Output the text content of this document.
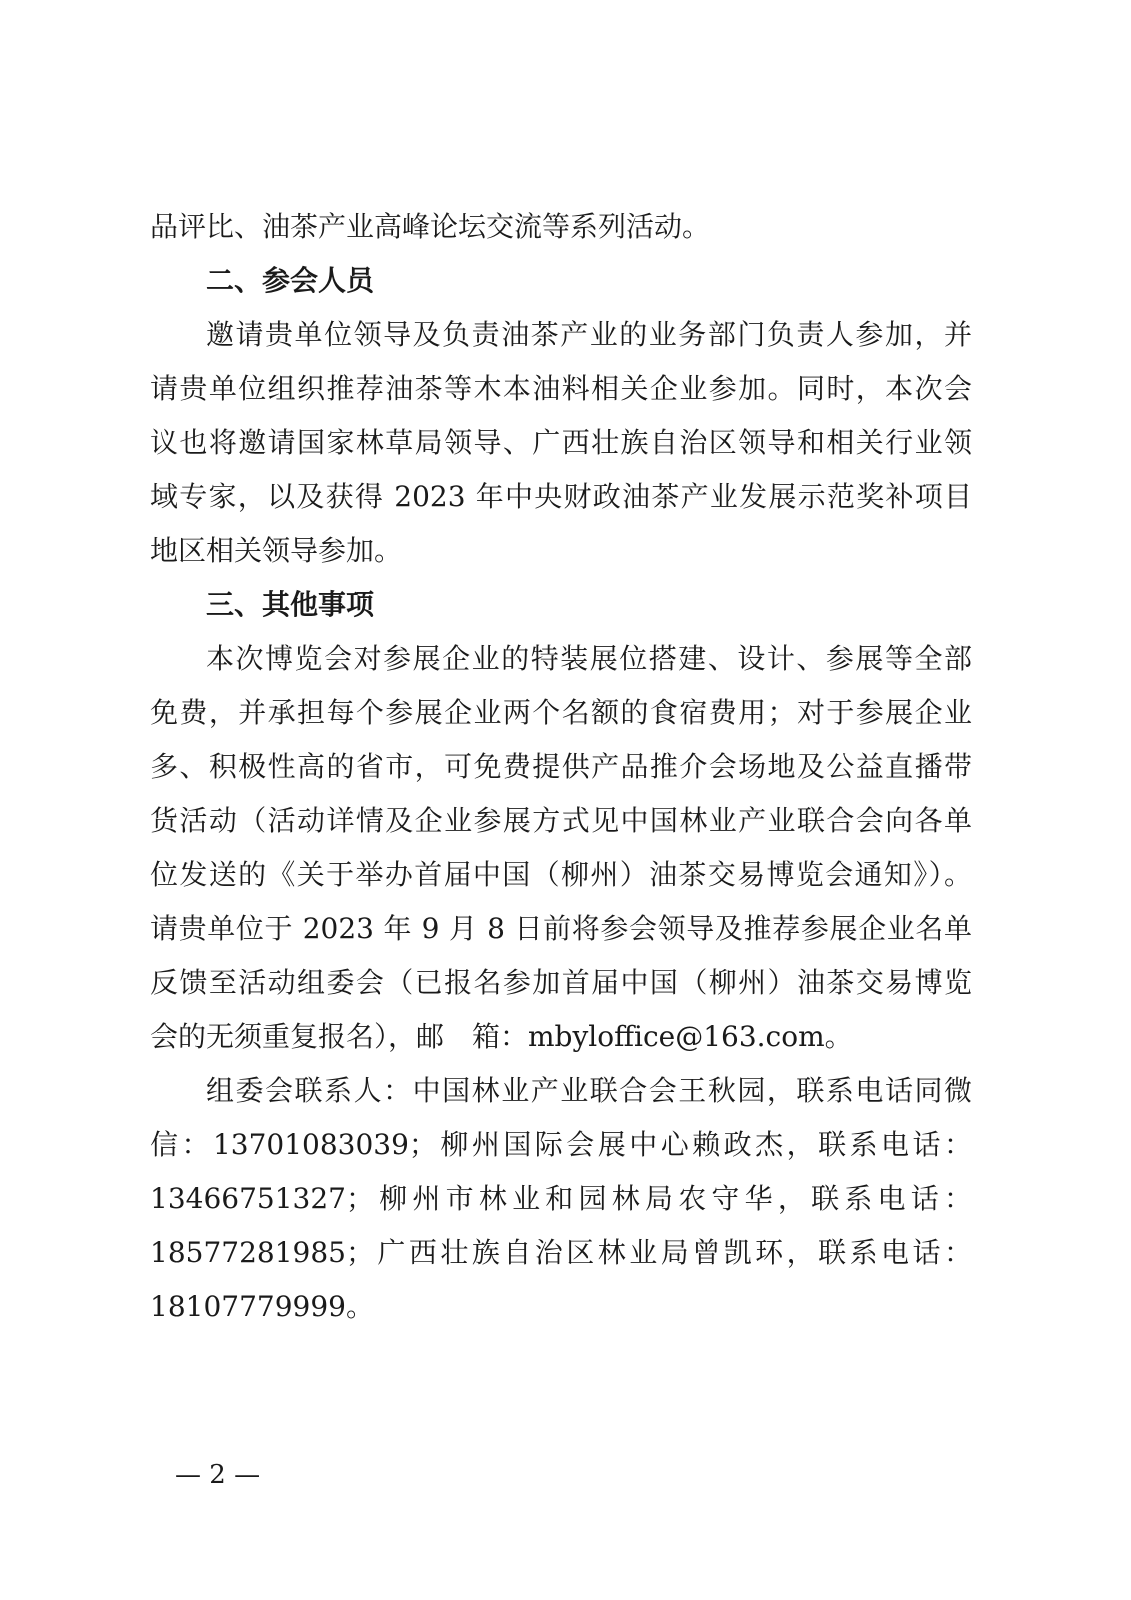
品评比、油茶产业高峰论坛交流等系列活动。
二、参会人员
邀请贵单位领导及负责油茶产业的业务部门负责人参加，并
请贵单位组织推荐油茶等木本油料相关企业参加。同时，本次会
议也将邀请国家林草局领导、广西壮族自治区领导和相关行业领
域专家，以及获得 2023 年中央财政油茶产业发展示范奖补项目
地区相关领导参加。
三、其他事项
本次博览会对参展企业的特装展位搭建、设计、参展等全部
免费，并承担每个参展企业两个名额的食宿费用；对于参展企业
多、积极性高的省市，可免费提供产品推介会场地及公益直播带
货活动（活动详情及企业参展方式见中国林业产业联合会向各单
位发送的《关于举办首届中国（柳州）油茶交易博览会通知》）。
请贵单位于 2023 年 9 月 8 日前将参会领导及推荐参展企业名单
反馈至活动组委会（已报名参加首届中国（柳州）油茶交易博览
会的无须重复报名），邮　箱：mbyloffice@163.com。
组委会联系人：中国林业产业联合会王秋园，联系电话同微
信：13701083039；柳州国际会展中心赖政杰，联系电话：
13466751327；柳州市林业和园林局农守华，联系电话：
18577281985；广西壮族自治区林业局曾凯环，联系电话：
18107779999。
— 2 —
